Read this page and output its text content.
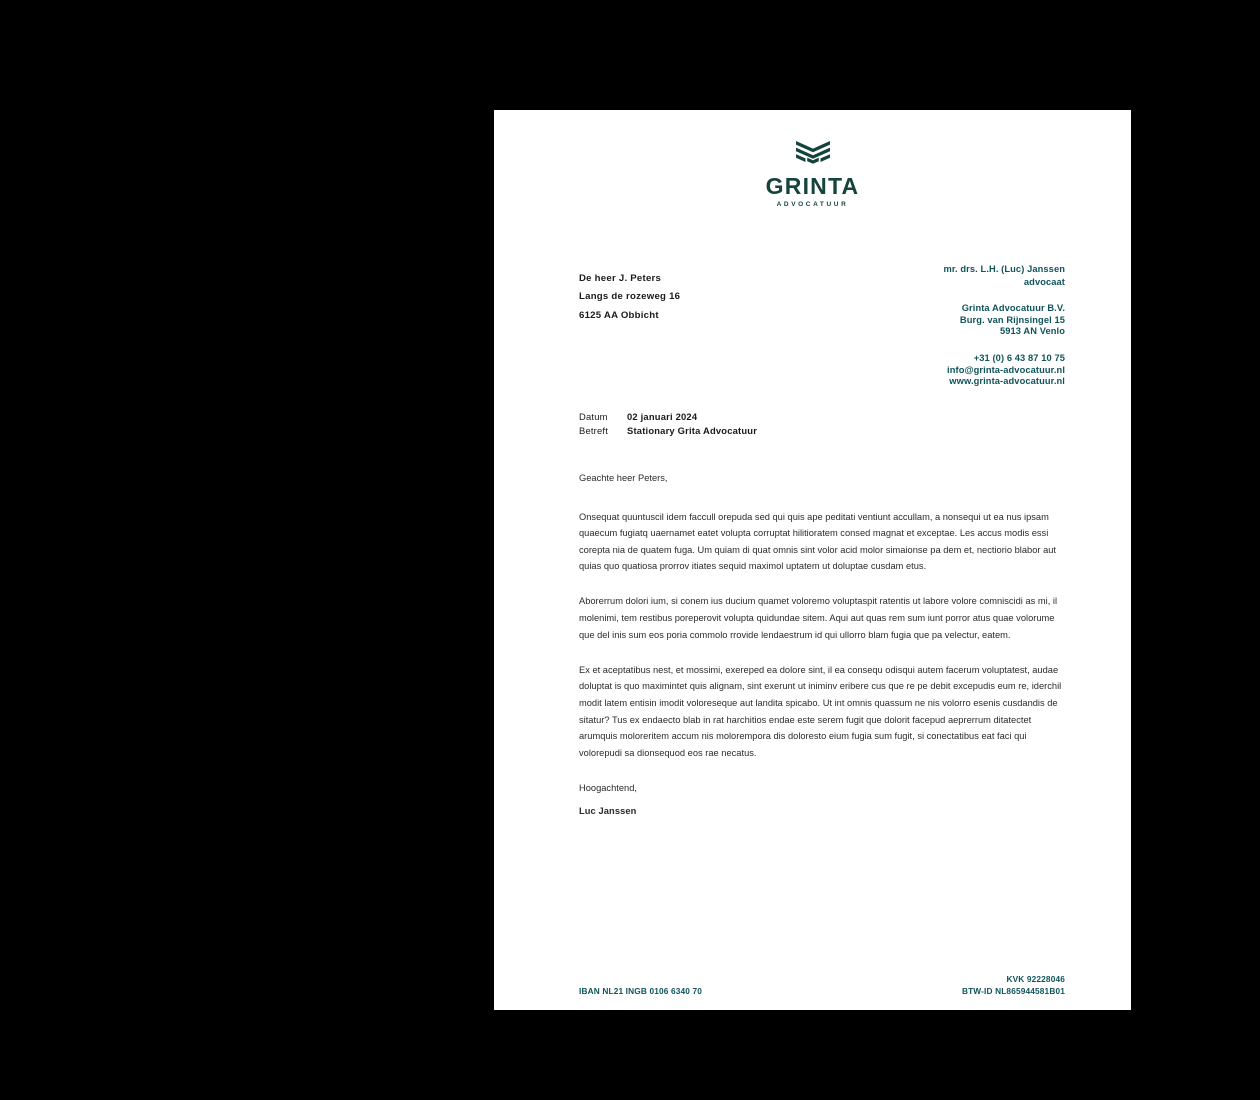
GRINTA
ADVOCATUUR
De heer J. Peters
Langs de rozeweg 16
6125 AA Obbicht
mr. drs. L.H. (Luc) Janssen
advocaat
Grinta Advocatuur B.V.
Burg. van Rijnsingel 15
5913 AN Venlo
+31 (0) 6 43 87 10 75
info@grinta-advocatuur.nl
www.grinta-advocatuur.nl
Datum	02 januari 2024
Betreft	Stationary Grita Advocatuur

Geachte heer Peters,

Onsequat quuntuscil idem faccull orepuda sed qui quis ape peditati ventiunt accullam, a nonsequi ut ea nus ipsam quaecum fugiatq uaernamet eatet volupta corruptat hilitioratem consed magnat et exceptae. Les accus modis essi corepta nia de quatem fuga. Um quiam di quat omnis sint volor acid molor simaionse pa dem et, nectiorio blabor aut quias quo quatiosa prorrov itiates sequid maximol uptatem ut doluptae cusdam etus.

Aborerrum dolori ium, si conem ius ducium quamet voloremo voluptaspit ratentis ut labore volore comniscidi as mi, il molenimi, tem restibus poreperovit volupta quidundae sitem. Aqui aut quas rem sum iunt porror atus quae volorume que del inis sum eos poria commolo rrovide lendaestrum id qui ullorro blam fugia que pa velectur, eatem.

Ex et aceptatibus nest, et mossimi, exereped ea dolore sint, il ea consequ odisqui autem facerum voluptatest, audae doluptat is quo maximintet quis alignam, sint exerunt ut iniminv eribere cus que re pe debit excepudis eum re, iderchil modit latem entisin imodit voloreseque aut landita spicabo. Ut int omnis quassum ne nis volorro esenis cusdandis de sitatur? Tus ex endaecto blab in rat harchitios endae este serem fugit que dolorit facepud aeprerrum ditatectet arumquis moloreritem accum nis molorempora dis doloresto eium fugia sum fugit, si conectatibus eat faci qui volorepudi sa dionsequod eos rae necatus.

Hoogachtend,

Luc Janssen
IBAN NL21 INGB 0106 6340 70
KVK 92228046
BTW-ID NL865944581B01
